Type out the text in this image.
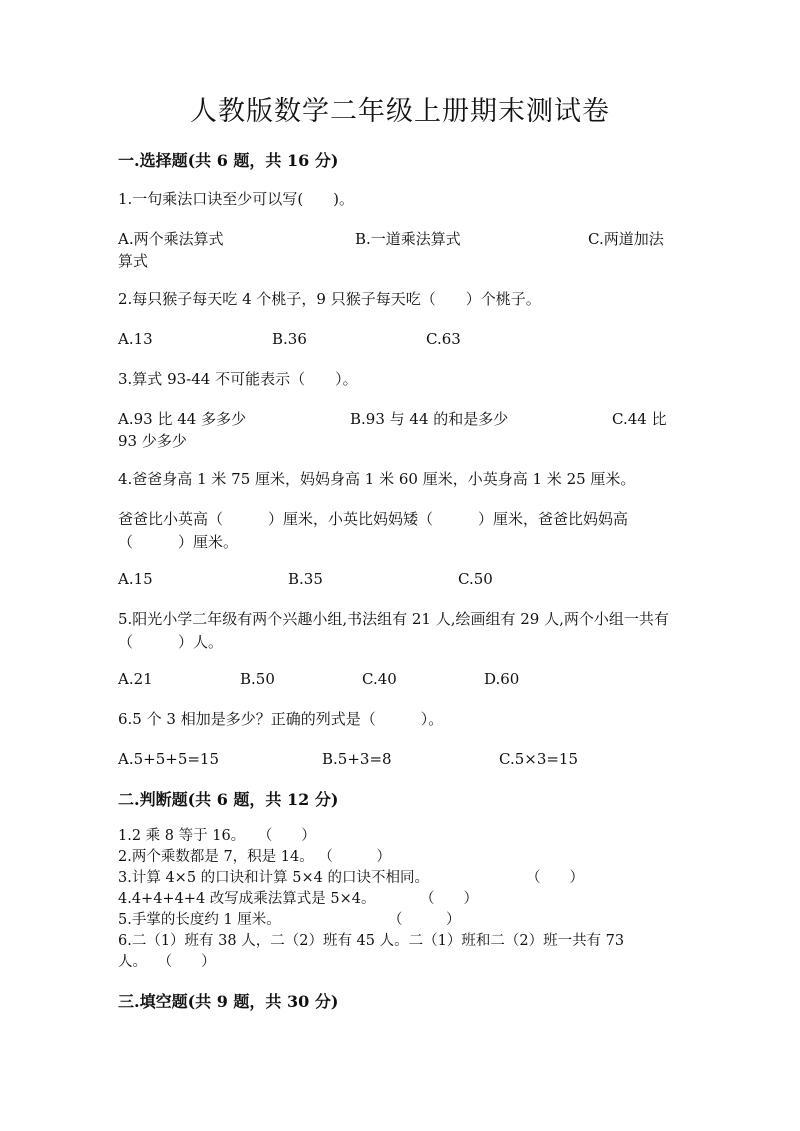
人教版数学二年级上册期末测试卷
一.选择题(共 6 题，共 16 分)
1.一句乘法口诀至少可以写(　　)。
A.两个乘法算式	B.一道乘法算式	C.两道加法
算式
2.每只猴子每天吃 4 个桃子，9 只猴子每天吃（　　）个桃子。
A.13	B.36	C.63
3.算式 93-44 不可能表示（　　）。
A.93 比 44 多多少	B.93 与 44 的和是多少	C.44 比
93 少多少
4.爸爸身高 1 米 75 厘米，妈妈身高 1 米 60 厘米，小英身高 1 米 25 厘米。
爸爸比小英高（　　　）厘米，小英比妈妈矮（　　　）厘米，爸爸比妈妈高（　　　）厘米。
A.15	B.35	C.50
5.阳光小学二年级有两个兴趣小组,书法组有 21 人,绘画组有 29 人,两个小组一共有（　　　）人。
A.21	B.50	C.40	D.60
6.5 个 3 相加是多少？正确的列式是（　　　）。
A.5+5+5=15	B.5+3=8	C.5×3=15
二.判断题(共 6 题，共 12 分)
1.2 乘 8 等于 16。 （　　）
2.两个乘数都是 7，积是 14。 （　　　）
3.计算 4×5 的口诀和计算 5×4 的口诀不相同。	（　　）
4.4+4+4+4 改写成乘法算式是 5×4。	（　　）
5.手掌的长度约 1 厘米。	（　　　）
6.二（1）班有 38 人，二（2）班有 45 人。二（1）班和二（2）班一共有 73
人。 （　　）
三.填空题(共 9 题，共 30 分)
